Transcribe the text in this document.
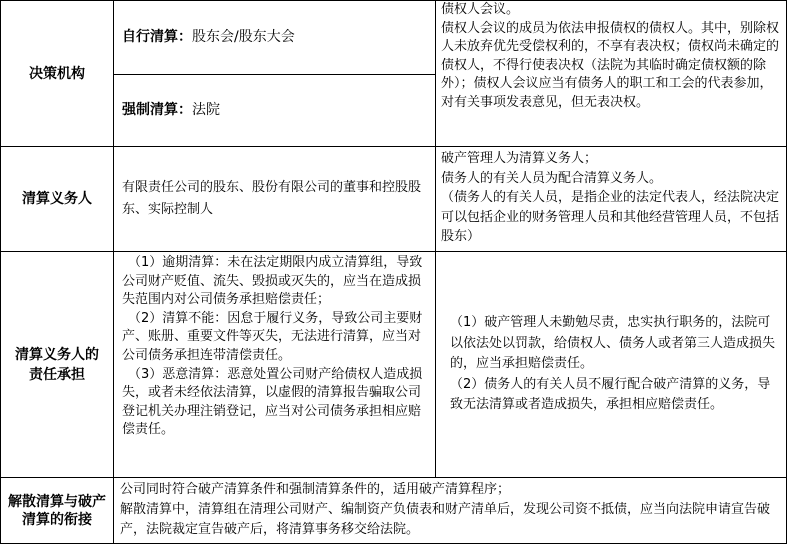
决策机构

自行清算：股东会/股东大会

强制清算：法院

债权人会议。

债权人会议的成员为依法申报债权的债权人。其中，别除权人未放弃优先受偿权利的，不享有表决权；债权尚未确定的债权人，不得行使表决权（法院为其临时确定债权额的除外）；债权人会议应当有债务人的职工和工会的代表参加，对有关事项发表意见，但无表决权。

清算义务人

有限责任公司的股东、股份有限公司的董事和控股股东、实际控制人

破产管理人为清算义务人；

债务人的有关人员为配合清算义务人。

（债务人的有关人员，是指企业的法定代表人，经法院决定可以包括企业的财务管理人员和其他经营管理人员，不包括股东）

清算义务人的责任承担

（1）逾期清算：未在法定期限内成立清算组，导致公司财产贬值、流失、毁损或灭失的，应当在造成损失范围内对公司债务承担赔偿责任；

（2）清算不能：因怠于履行义务，导致公司主要财产、账册、重要文件等灭失，无法进行清算，应当对公司债务承担连带清偿责任。

（3）恶意清算：恶意处置公司财产给债权人造成损失，或者未经依法清算，以虚假的清算报告骗取公司登记机关办理注销登记，应当对公司债务承担相应赔偿责任。

（1）破产管理人未勤勉尽责，忠实执行职务的，法院可以依法处以罚款，给债权人、债务人或者第三人造成损失的，应当承担赔偿责任。

（2）债务人的有关人员不履行配合破产清算的义务，导致无法清算或者造成损失，承担相应赔偿责任。

解散清算与破产清算的衔接

公司同时符合破产清算条件和强制清算条件的，适用破产清算程序；

解散清算中，清算组在清理公司财产、编制资产负债表和财产清单后，发现公司资不抵债，应当向法院申请宣告破产，法院裁定宣告破产后，将清算事务移交给法院。
